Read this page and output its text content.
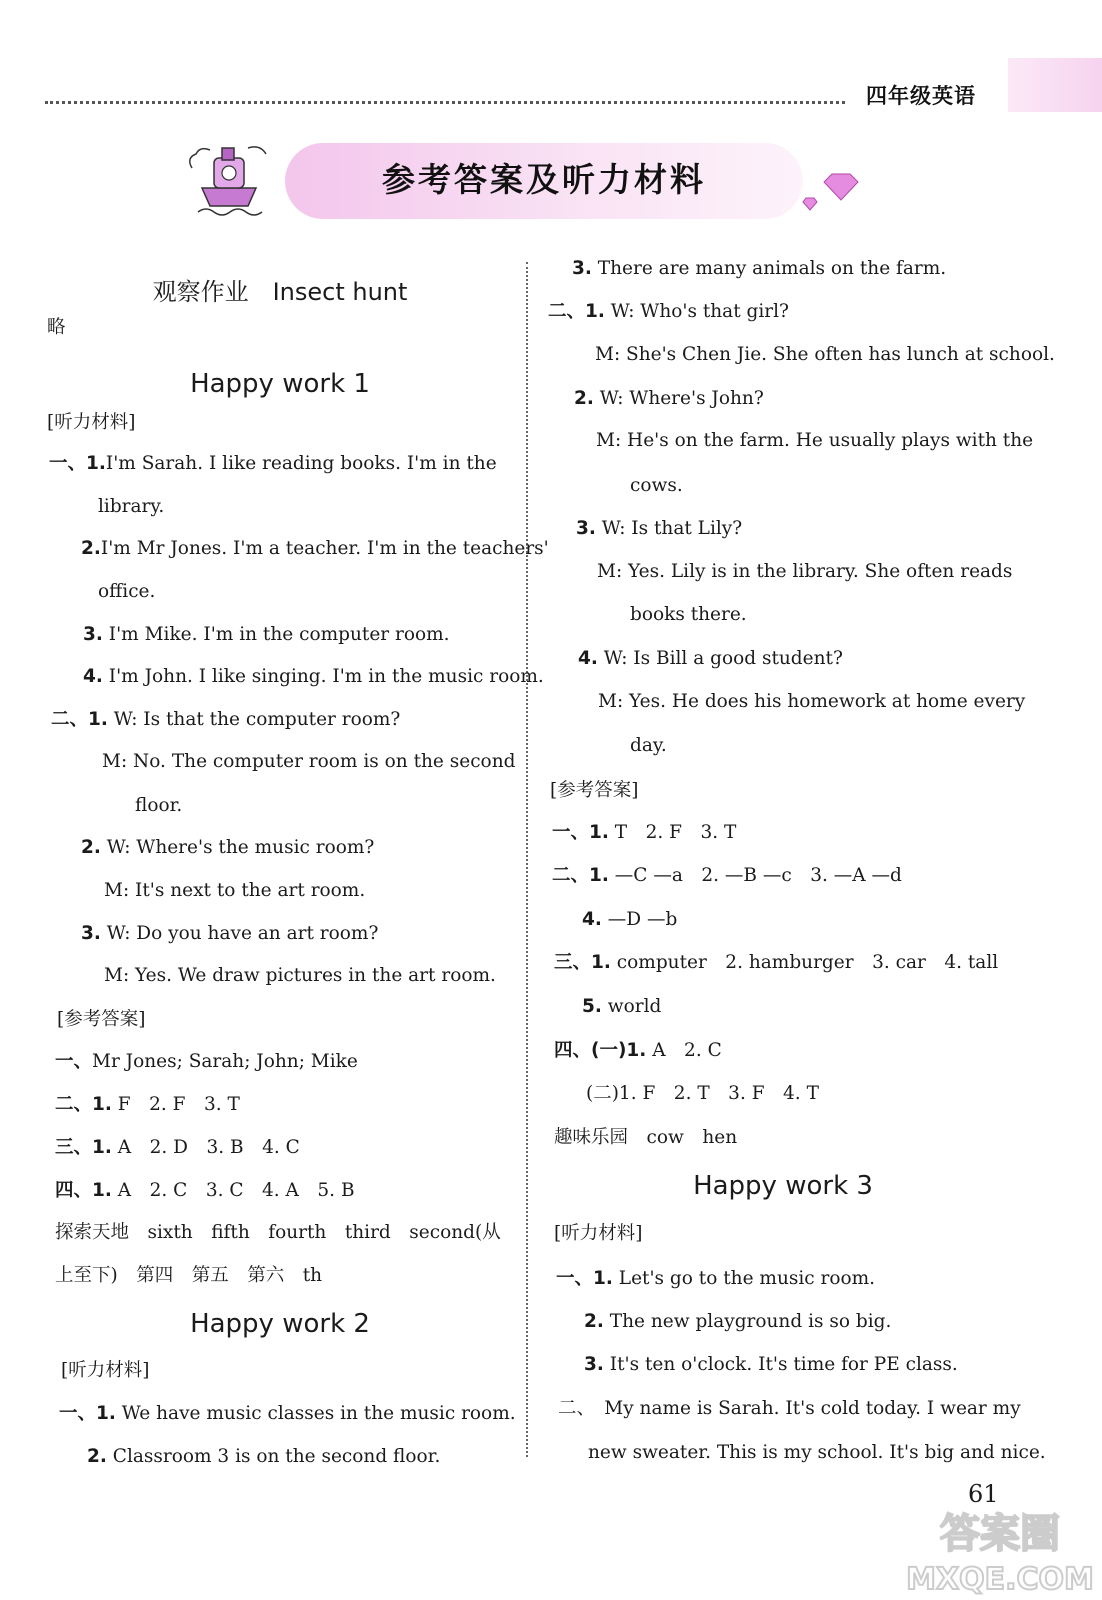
四年级英语
参考答案及听力材料
观察作业　Insect hunt
略
Happy work 1
[听力材料]
一、1.I'm Sarah. I like reading books. I'm in the
library.
2.I'm Mr Jones. I'm a teacher. I'm in the teachers'
office.
3. I'm Mike. I'm in the computer room.
4. I'm John. I like singing. I'm in the music room.
二、1. W: Is that the computer room?
M: No. The computer room is on the second
floor.
2. W: Where's the music room?
M: It's next to the art room.
3. W: Do you have an art room?
M: Yes. We draw pictures in the art room.
[参考答案]
一、Mr Jones; Sarah; John; Mike
二、1. F　2. F　3. T
三、1. A　2. D　3. B　4. C
四、1. A　2. C　3. C　4. A　5. B
探索天地　sixth　fifth　fourth　third　second(从
上至下)　第四　第五　第六　th
Happy work 2
[听力材料]
一、1. We have music classes in the music room.
2. Classroom 3 is on the second floor.
3. There are many animals on the farm.
二、1. W: Who's that girl?
M: She's Chen Jie. She often has lunch at school.
2. W: Where's John?
M: He's on the farm. He usually plays with the
cows.
3. W: Is that Lily?
M: Yes. Lily is in the library. She often reads
books there.
4. W: Is Bill a good student?
M: Yes. He does his homework at home every
day.
[参考答案]
一、1. T　2. F　3. T
二、1. —C —a　2. —B —c　3. —A —d
4. —D —b
三、1. computer　2. hamburger　3. car　4. tall
5. world
四、(一)1. A　2. C
(二)1. F　2. T　3. F　4. T
趣味乐园　cow　hen
Happy work 3
[听力材料]
一、1. Let's go to the music room.
2. The new playground is so big.
3. It's ten o'clock. It's time for PE class.
二、　My name is Sarah. It's cold today. I wear my
new sweater. This is my school. It's big and nice.
61
答案圈
MXQE.COM
